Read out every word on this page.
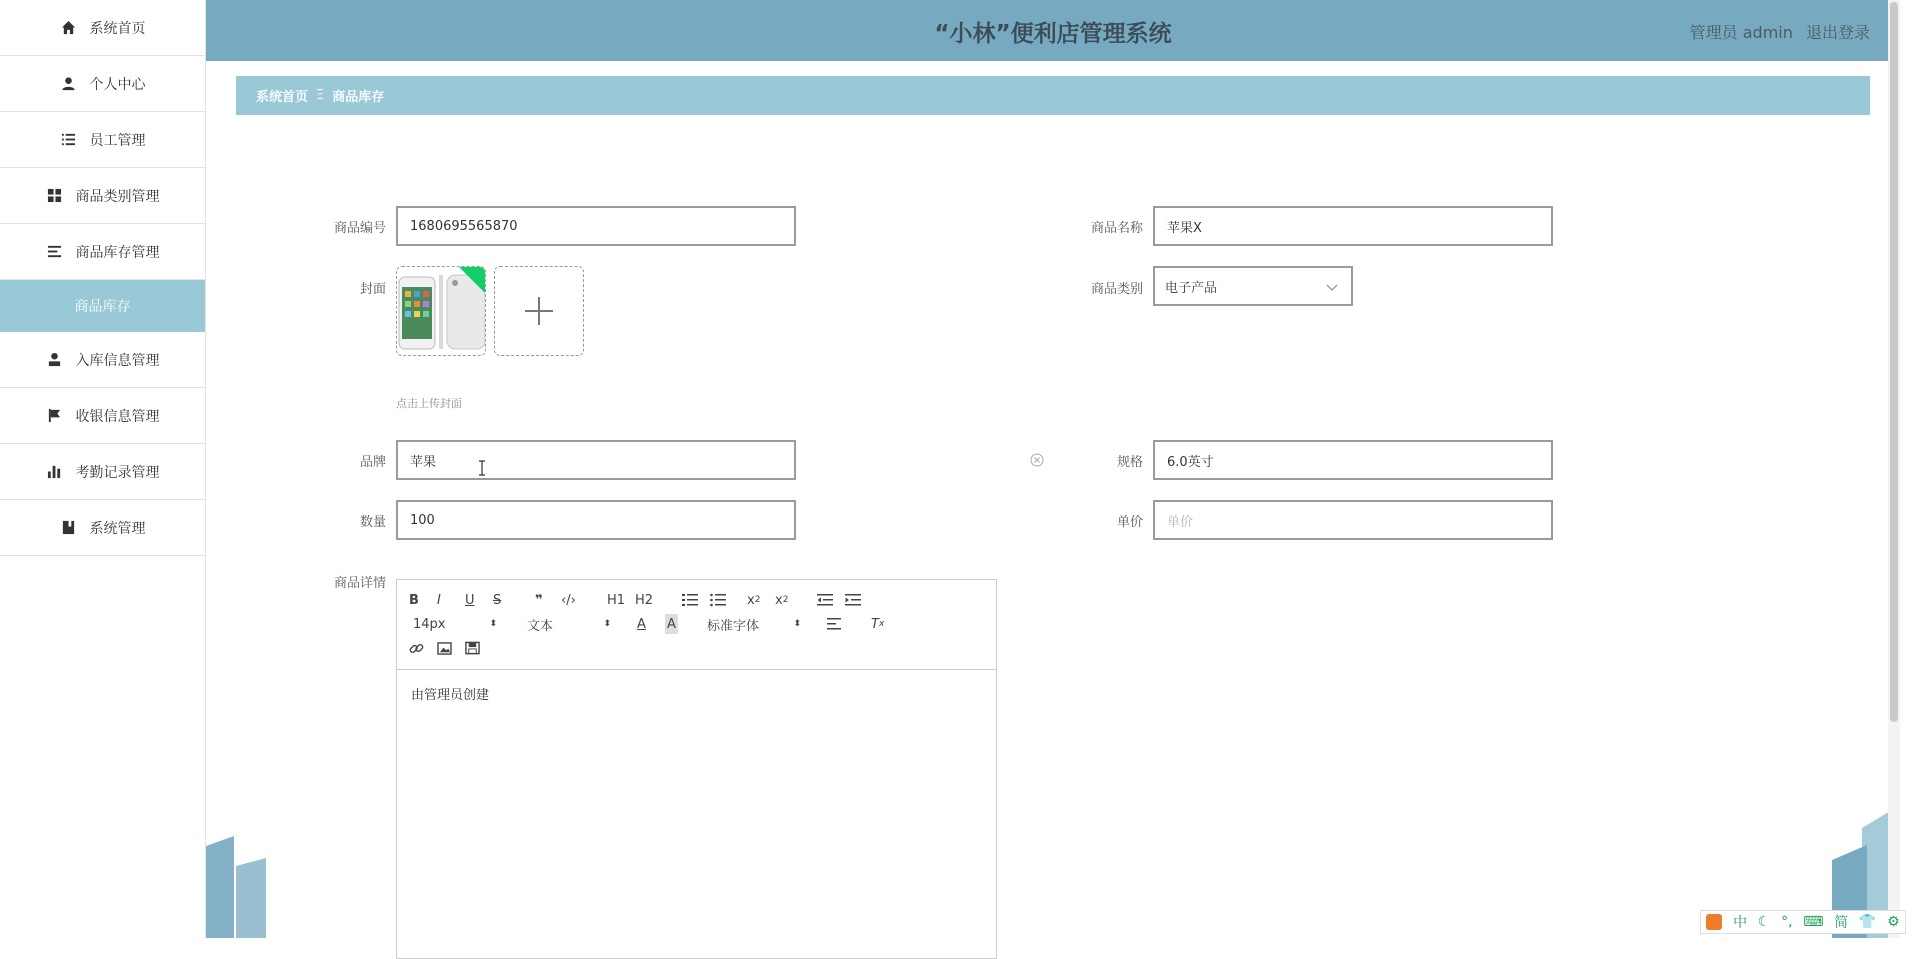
系统首页
个人中心
员工管理
商品类别管理
商品库存管理
商品库存
入库信息管理
收银信息管理
考勤记录管理
系统管理
“小林”便利店管理系统	管理员 admin 退出登录
系统首页 Ξ 商品库存
商品编号	1680695565870	商品名称	苹果X
封面
点击上传封面
商品类别 电子产品
品牌	苹果	规格	6.0英寸
数量	100	单价	单价
商品详情
B I U S	❞ ‹/› H1 H2	x 2 x 2
14px	⬍ 文本	⬍ A A 标准字体	⬍	T x
由管理员创建
中 ☾ °, ⌨ 简 👕 ⚙
